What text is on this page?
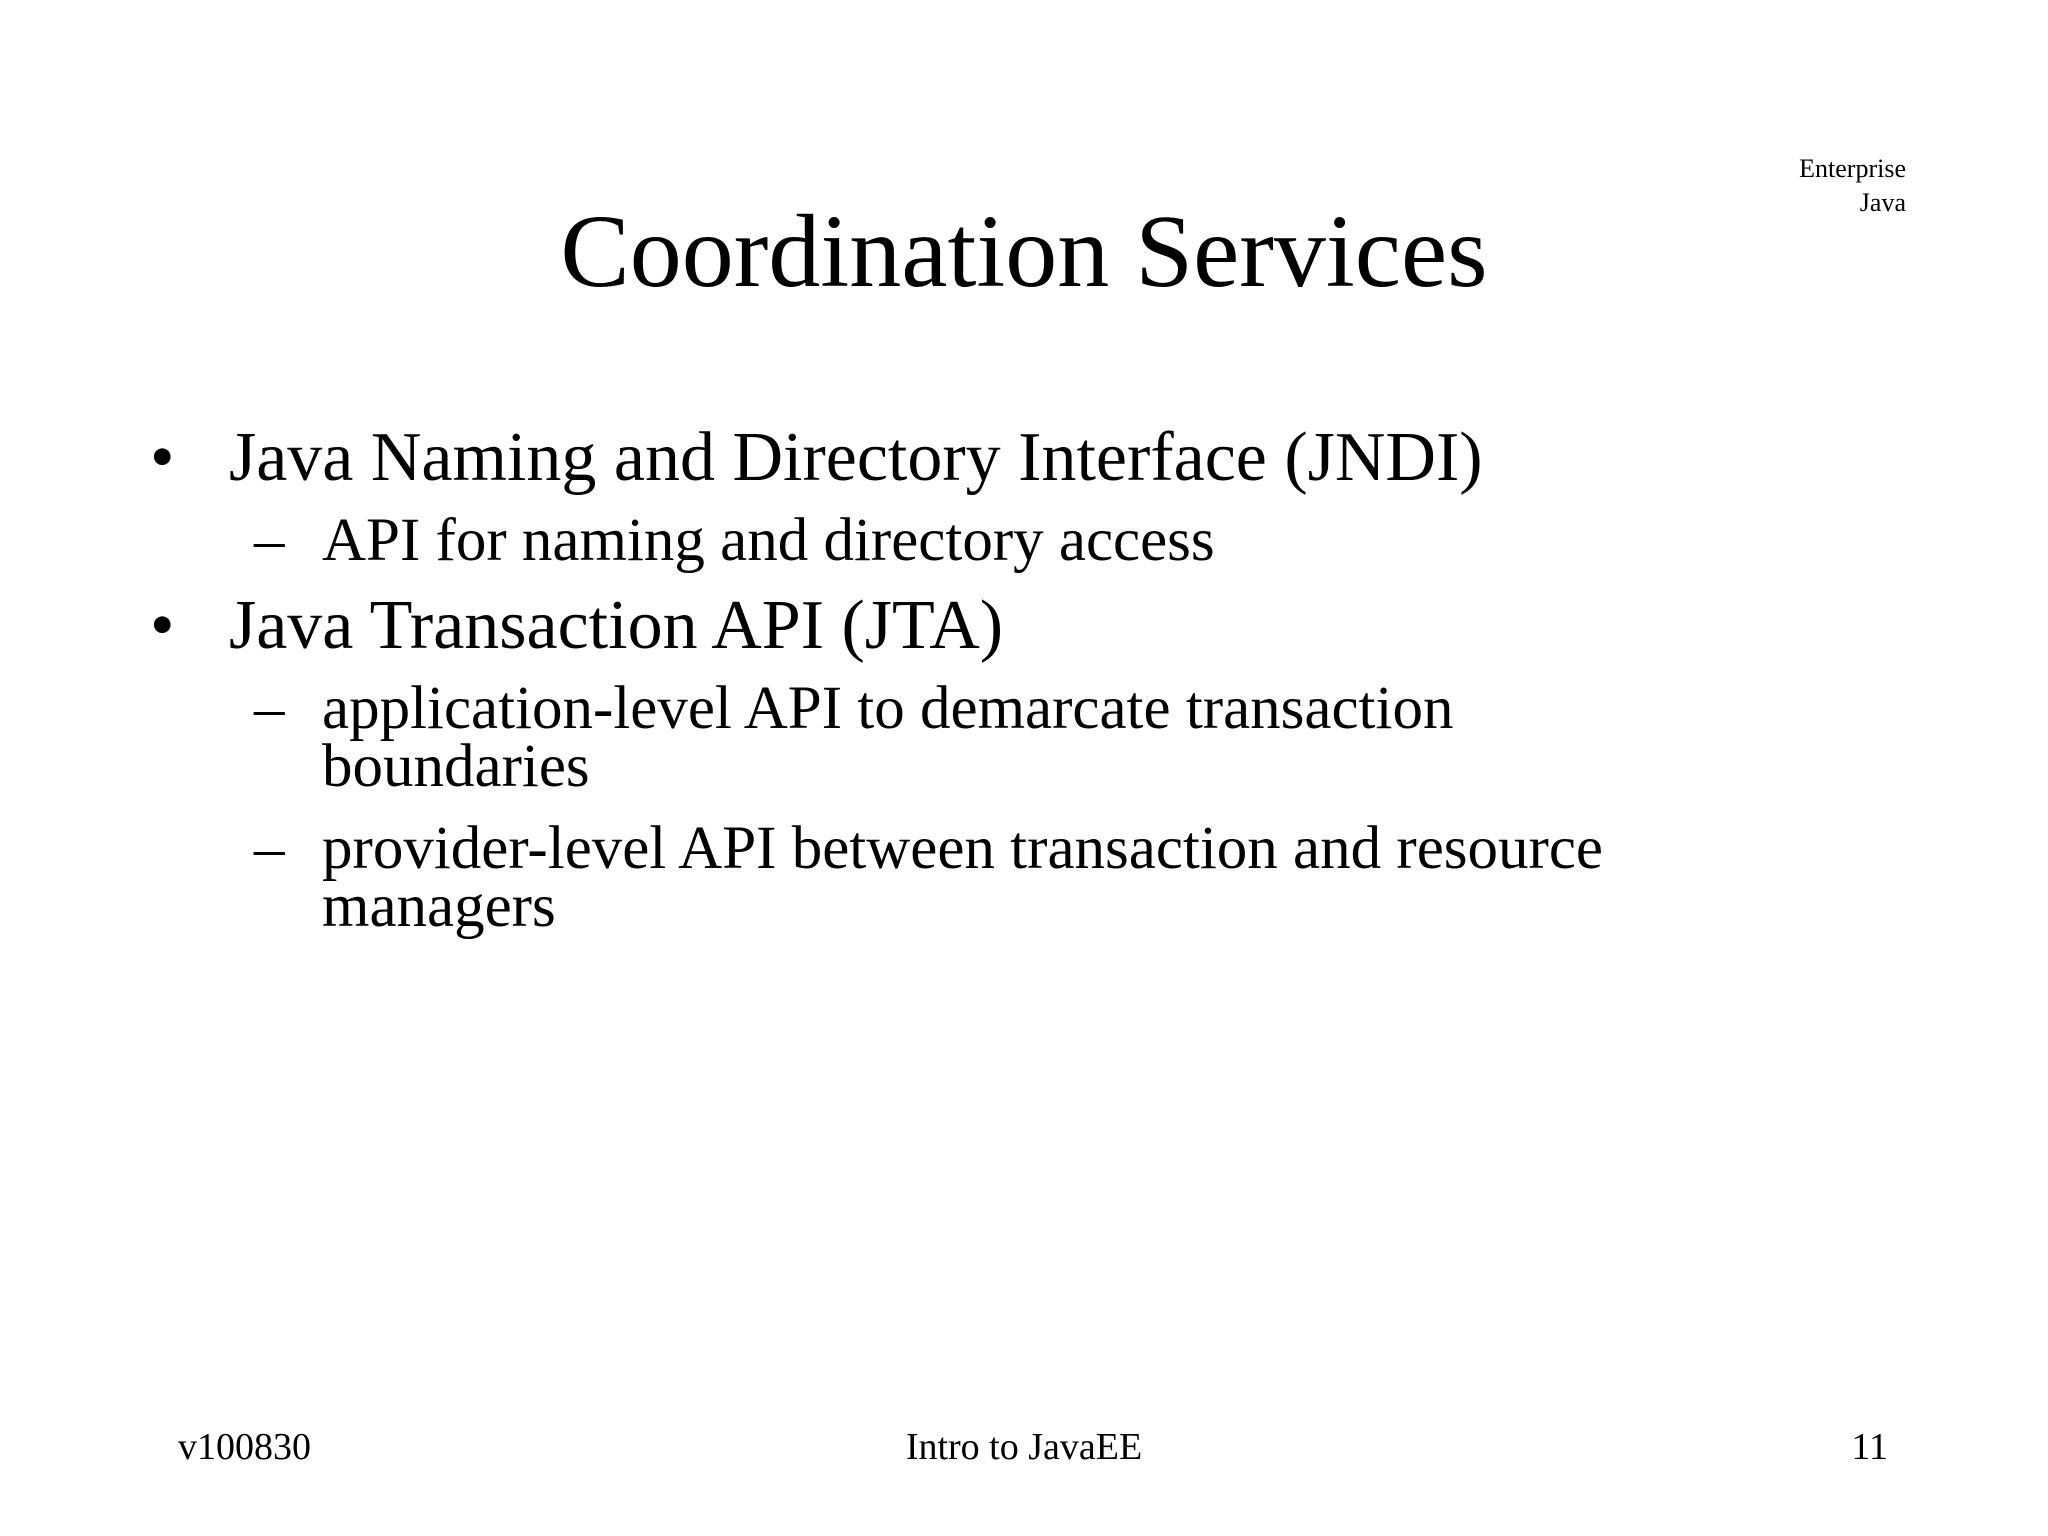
Enterprise
Java
Coordination Services
• Java Naming and Directory Interface (JNDI)
– API for naming and directory access
• Java Transaction API (JTA)
– application-level API to demarcate transaction
boundaries
– provider-level API between transaction and resource
managers
v100830	Intro to JavaEE	11
